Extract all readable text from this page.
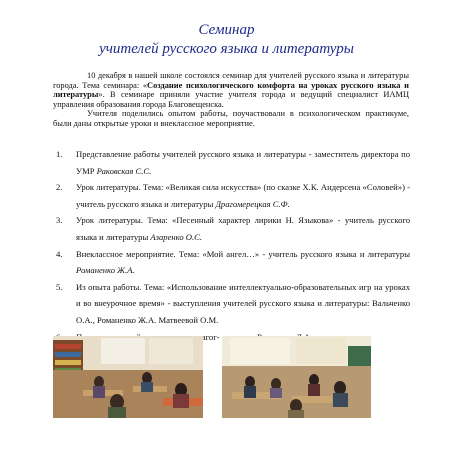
Семинар
учителей русского языка и литературы

10 декабря в нашей школе состоялся семинар для учителей русского языка и литературы города. Тема семинара: «Создание психологического комфорта на уроках русского языка и литературы». В семинаре приняли участие учителя города и ведущий специалист ИАМЦ управления образования города Благовещенска.

Учителя поделились опытом работы, поучаствовали в психологическом практикуме, были даны открытые уроки и внеклассное мероприятие.

1. Представление работы учителей русского языка и литературы - заместитель директора по УМР Раковская С.С.
2. Урок литературы. Тема: «Великая сила искусства» (по сказке Х.К. Андерсена «Соловей») - учитель русского языка и литературы Драгомерецкая С.Ф.
3. Урок литературы. Тема: «Песенный характер лирики Н. Языкова» - учитель русского языка и литературы Азаренко О.С.
4. Внеклассное мероприятие. Тема: «Мой ангел…» - учитель русского языка и литературы Романенко Ж.А.
5. Из опыта работы. Тема: «Использование интеллектуально-образовательных игр на уроках и во внеурочное время» - выступления учителей русского языка и литературы: Вальченко О.А., Романенко Ж.А. Матвеевой О.М.
педагог-
